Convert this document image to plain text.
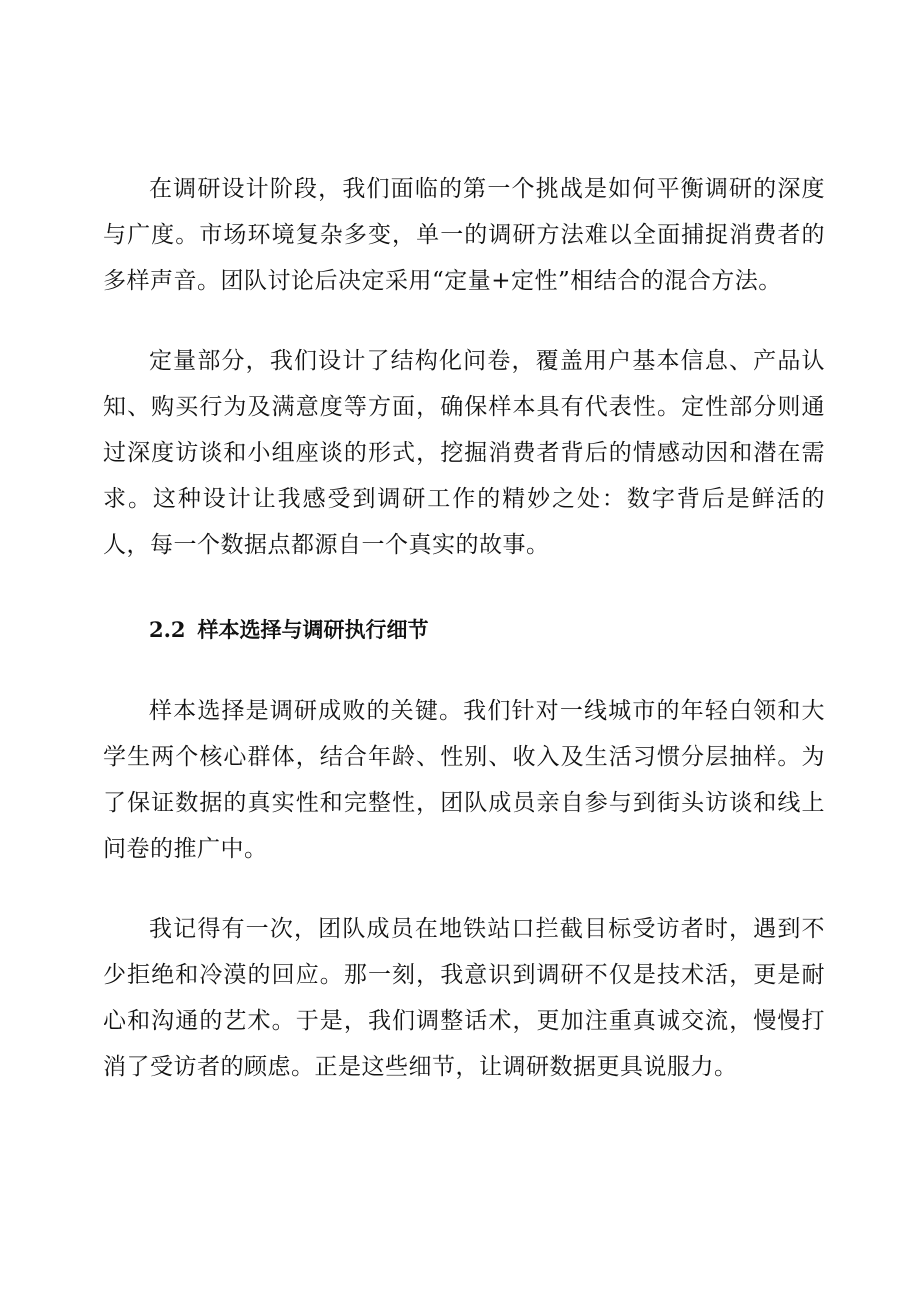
在调研设计阶段，我们面临的第一个挑战是如何平衡调研的深度与广度。市场环境复杂多变，单一的调研方法难以全面捕捉消费者的多样声音。团队讨论后决定采用“定量+定性”相结合的混合方法。

定量部分，我们设计了结构化问卷，覆盖用户基本信息、产品认知、购买行为及满意度等方面，确保样本具有代表性。定性部分则通过深度访谈和小组座谈的形式，挖掘消费者背后的情感动因和潜在需求。这种设计让我感受到调研工作的精妙之处：数字背后是鲜活的人，每一个数据点都源自一个真实的故事。

2.2 样本选择与调研执行细节

样本选择是调研成败的关键。我们针对一线城市的年轻白领和大学生两个核心群体，结合年龄、性别、收入及生活习惯分层抽样。为了保证数据的真实性和完整性，团队成员亲自参与到街头访谈和线上问卷的推广中。

我记得有一次，团队成员在地铁站口拦截目标受访者时，遇到不少拒绝和冷漠的回应。那一刻，我意识到调研不仅是技术活，更是耐心和沟通的艺术。于是，我们调整话术，更加注重真诚交流，慢慢打消了受访者的顾虑。正是这些细节，让调研数据更具说服力。
